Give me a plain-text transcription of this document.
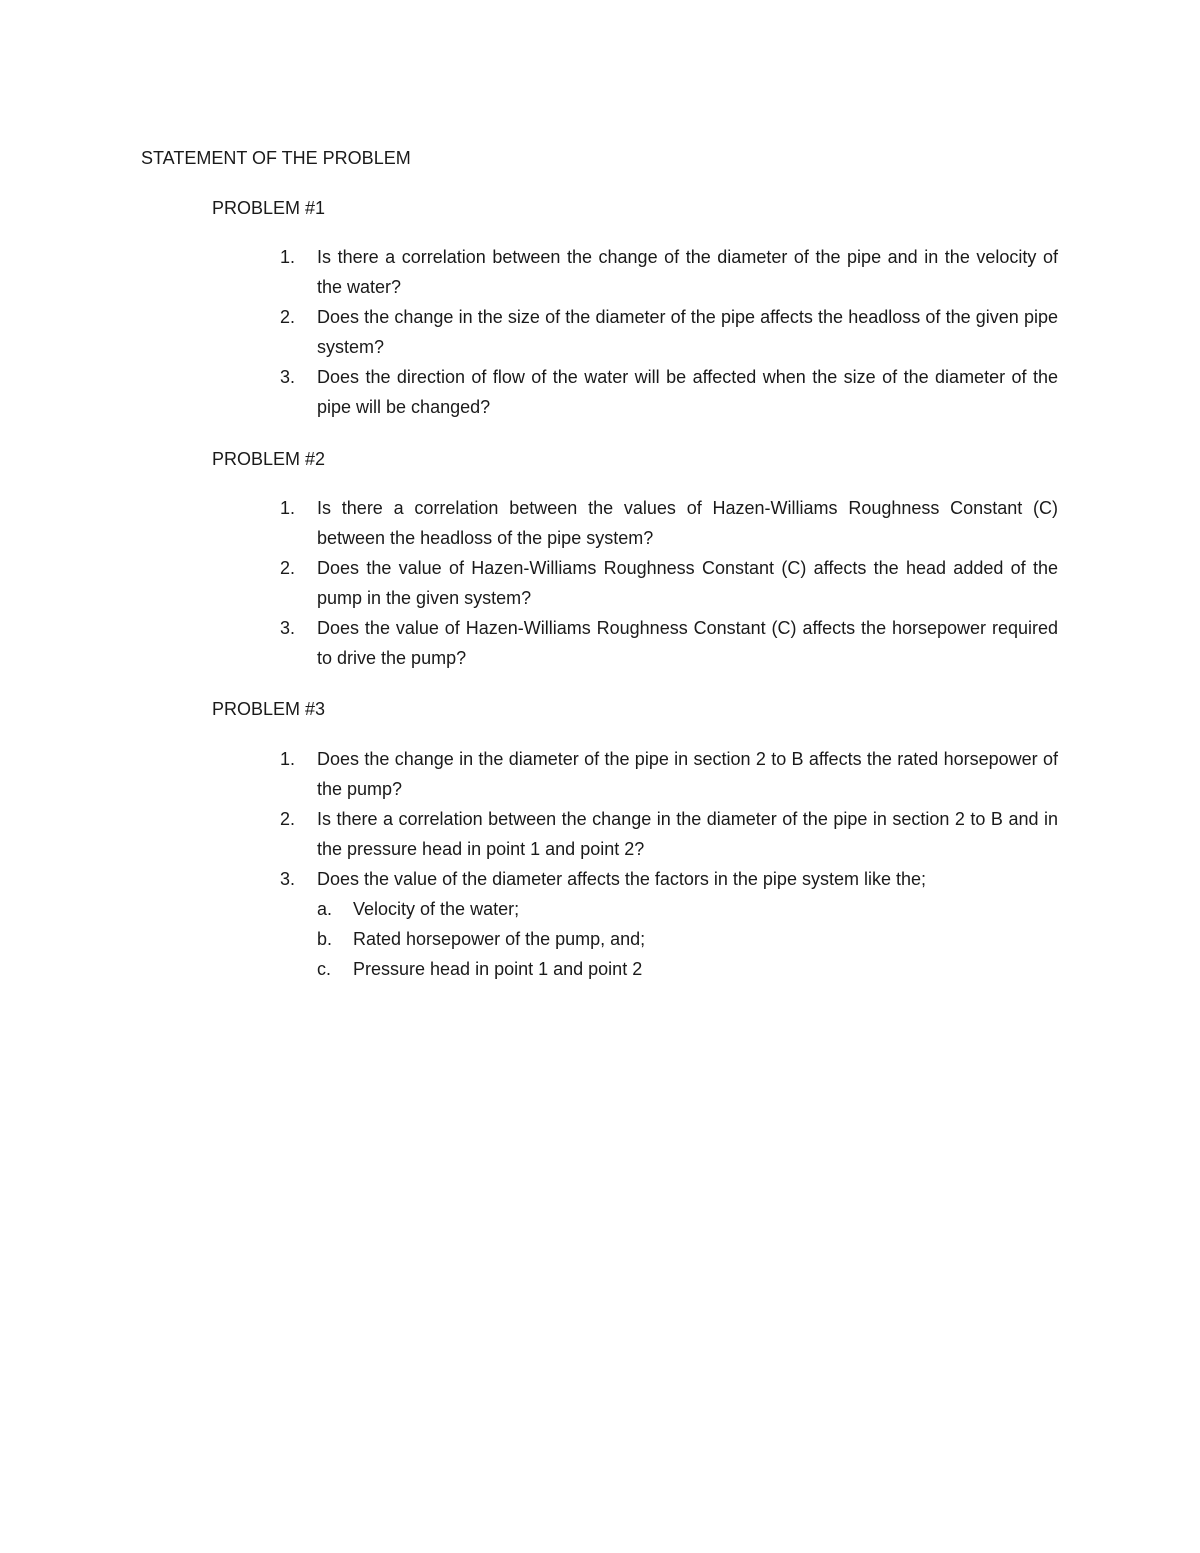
STATEMENT OF THE PROBLEM
PROBLEM #1
1. Is there a correlation between the change of the diameter of the pipe and in the velocity of the water?
2. Does the change in the size of the diameter of the pipe affects the headloss of the given pipe system?
3. Does the direction of flow of the water will be affected when the size of the diameter of the pipe will be changed?
PROBLEM #2
1. Is there a correlation between the values of Hazen-Williams Roughness Constant (C) between the headloss of the pipe system?
2. Does the value of Hazen-Williams Roughness Constant (C) affects the head added of the pump in the given system?
3. Does the value of Hazen-Williams Roughness Constant (C) affects the horsepower required to drive the pump?
PROBLEM #3
1. Does the change in the diameter of the pipe in section 2 to B affects the rated horsepower of the pump?
2. Is there a correlation between the change in the diameter of the pipe in section 2 to B and in the pressure head in point 1 and point 2?
3. Does the value of the diameter affects the factors in the pipe system like the;
a. Velocity of the water;
b. Rated horsepower of the pump, and;
c. Pressure head in point 1 and point 2
